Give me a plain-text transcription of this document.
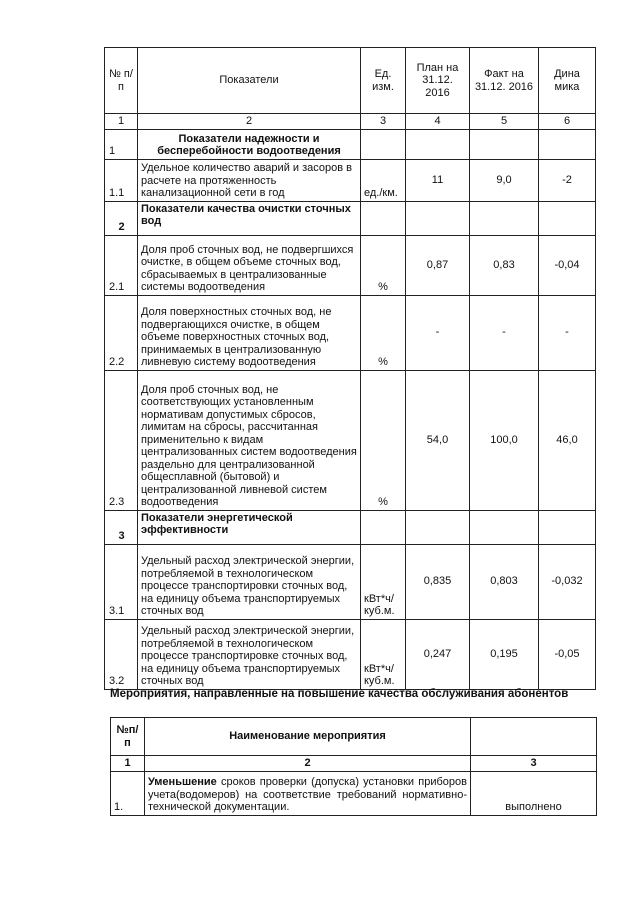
№ п/п	Показатели	Ед. изм.	План на 31.12. 2016	Факт на 31.12. 2016	Дина мика
1	2	3	4	5	6
1	Показатели надежности и бесперебойности водоотведения				
1.1	Удельное количество аварий и засоров в расчете на протяженность канализационной сети в год	ед./км.	11	9,0	-2
2	Показатели качества очистки сточных вод				
2.1	Доля проб сточных вод, не подвергшихся очистке, в общем объеме сточных вод, сбрасываемых в централизованные системы водоотведения	%	0,87	0,83	-0,04
2.2	Доля поверхностных сточных вод, не подвергающихся очистке, в общем объеме поверхностных сточных вод, принимаемых в централизованную ливневую систему водоотведения	%	-	-	-
2.3	Доля проб сточных вод, не соответствующих установленным нормативам допустимых сбросов, лимитам на сбросы, рассчитанная применительно к видам централизованных систем водоотведения раздельно для централизованной общесплавной (бытовой) и централизованной ливневой систем водоотведения	%	54,0	100,0	46,0
3	Показатели энергетической эффективности				
3.1	Удельный расход электрической энергии, потребляемой в технологическом процессе транспортировки сточных вод, на единицу объема транспортируемых сточных вод	кВт*ч/ куб.м.	0,835	0,803	-0,032
3.2	Удельный расход электрической энергии, потребляемой в технологическом процессе транспортировке сточных вод, на единицу объема транспортируемых сточных вод	кВт*ч/ куб.м.	0,247	0,195	-0,05
Мероприятия, направленные на повышение качества обслуживания абонентов
№п/ п	Наименование мероприятия	
1	2	3
1.	Уменьшение сроков проверки (допуска) установки приборов учета(водомеров) на соответствие требований нормативно-технической документации.	выполнено
